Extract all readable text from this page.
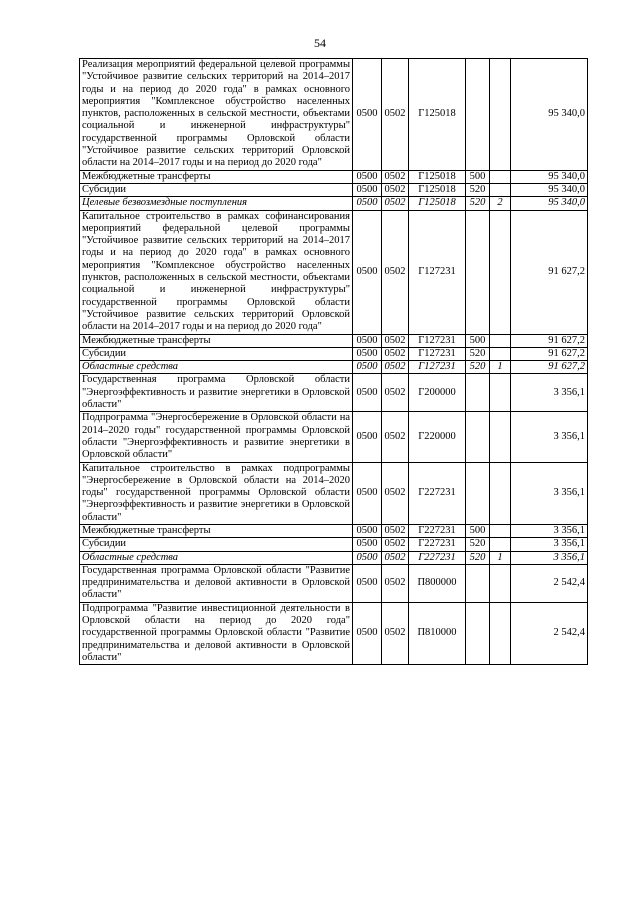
54
Реализация мероприятий федеральной целевой программы "Устойчивое развитие сельских территорий на 2014–2017 годы и на период до 2020 года" в рамках основного мероприятия "Комплексное обустройство населенных пунктов, расположенных в сельской местности, объектами социальной и инженерной инфраструктуры" государственной программы Орловской области "Устойчивое развитие сельских территорий Орловской области на 2014–2017 годы и на период до 2020 года"	0500	0502	Г125018			95 340,0
Межбюджетные трансферты	0500	0502	Г125018	500		95 340,0
Субсидии	0500	0502	Г125018	520		95 340,0
Целевые безвозмездные поступления	0500	0502	Г125018	520	2	95 340,0
Капитальное строительство в рамках софинансирования мероприятий федеральной целевой программы "Устойчивое развитие сельских территорий на 2014–2017 годы и на период до 2020 года" в рамках основного мероприятия "Комплексное обустройство населенных пунктов, расположенных в сельской местности, объектами социальной и инженерной инфраструктуры" государственной программы Орловской области "Устойчивое развитие сельских территорий Орловской области на 2014–2017 годы и на период до 2020 года"	0500	0502	Г127231			91 627,2
Межбюджетные трансферты	0500	0502	Г127231	500		91 627,2
Субсидии	0500	0502	Г127231	520		91 627,2
Областные средства	0500	0502	Г127231	520	1	91 627,2
Государственная программа Орловской области "Энергоэффективность и развитие энергетики в Орловской области"	0500	0502	Г200000			3 356,1
Подпрограмма "Энергосбережение в Орловской области на 2014–2020 годы" государственной программы Орловской области "Энергоэффективность и развитие энергетики в Орловской области"	0500	0502	Г220000			3 356,1
Капитальное строительство в рамках подпрограммы "Энергосбережение в Орловской области на 2014–2020 годы" государственной программы Орловской области "Энергоэффективность и развитие энергетики в Орловской области"	0500	0502	Г227231			3 356,1
Межбюджетные трансферты	0500	0502	Г227231	500		3 356,1
Субсидии	0500	0502	Г227231	520		3 356,1
Областные средства	0500	0502	Г227231	520	1	3 356,1
Государственная программа Орловской области "Развитие предпринимательства и деловой активности в Орловской области"	0500	0502	П800000			2 542,4
Подпрограмма "Развитие инвестиционной деятельности в Орловской области на период до 2020 года" государственной программы Орловской области "Развитие предпринимательства и деловой активности в Орловской области"	0500	0502	П810000			2 542,4
